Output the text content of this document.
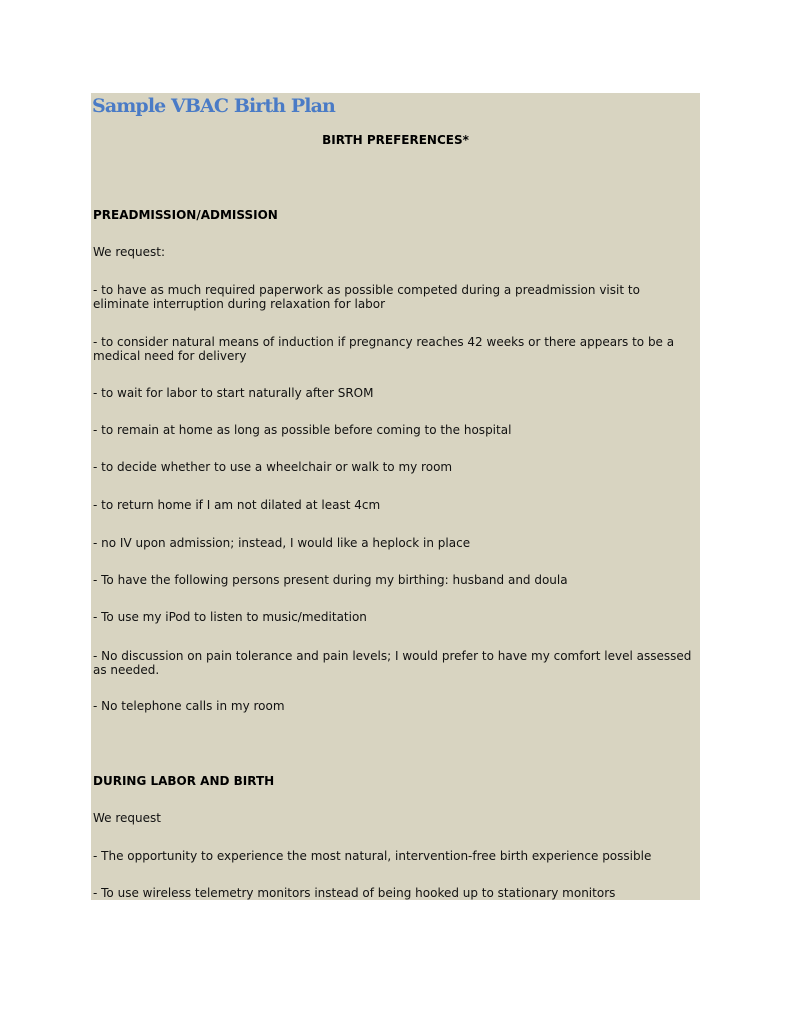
Sample VBAC Birth Plan
BIRTH PREFERENCES*
PREADMISSION/ADMISSION
We request:
- to have as much required paperwork as possible competed during a preadmission visit to eliminate interruption during relaxation for labor
- to consider natural means of induction if pregnancy reaches 42 weeks or there appears to be a medical need for delivery
- to wait for labor to start naturally after SROM
- to remain at home as long as possible before coming to the hospital
- to decide whether to use a wheelchair or walk to my room
- to return home if I am not dilated at least 4cm
- no IV upon admission; instead, I would like a heplock in place
- To have the following persons present during my birthing: husband and doula
- To use my iPod to listen to music/meditation
- No discussion on pain tolerance and pain levels; I would prefer to have my comfort level assessed as needed.
- No telephone calls in my room
DURING LABOR AND BIRTH
We request
- The opportunity to experience the most natural, intervention-free birth experience possible
- To use wireless telemetry monitors instead of being hooked up to stationary monitors
